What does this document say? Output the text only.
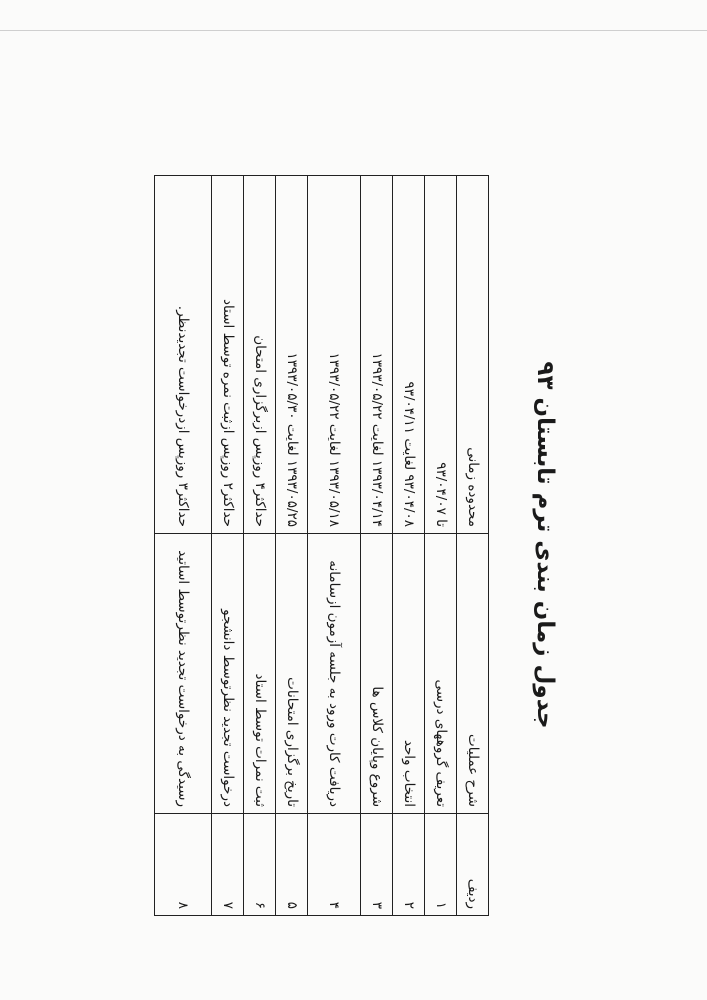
جدول زمان بندی ترم تابستان ۹۳
ردیف	شرح عملیات	محدوده زمانی
۱	تعریف گروههای درسی	تا ۹۳/۰۴/۰۷
۲	انتخاب واحد	۹۳/۰۴/۰۸ لغایت ۹۳/۰۴/۱۱
۳	شروع وپایان کلاس ها	۱۳۹۳/۰۴/۱۴ لغایت ۱۳۹۳/۰۵/۲۲
۴	دریافت کارت ورود به جلسه آزمون ازسامانه	۱۳۹۳/۰۵/۱۸ لغایت ۱۳۹۳/۰۵/۲۲
۵	تاریخ برگزاری امتحانات	۱۳۹۳/۰۵/۲۵ لغایت ۱۳۹۳/۰۵/۳۰
۶	ثبت نمرات توسط استاد	حداکثر۴ روزپس ازبرگزاری امتحان
۷	درخواست تجدید نظرتوسط دانشجو	حداکثر۲ روزپس ازثبت نمره توسط استاد
۸	رسیدگی به درخواست تجدید نظرتوسط اساتید	حداکثر۳ روزپس ازدرخواست تجدیدنظر.
